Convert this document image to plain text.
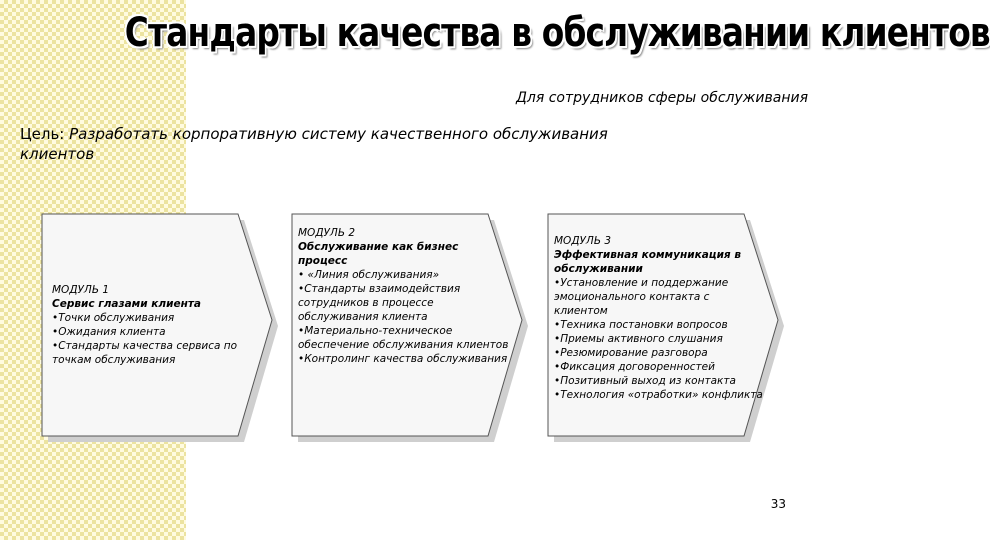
Стандарты качества в обслуживании клиентов
Для сотрудников сферы обслуживания
Цель: Разработать корпоративную систему качественного обслуживания клиентов
МОДУЛЬ 1
Сервис глазами клиента
•Точки обслуживания
•Ожидания клиента
•Стандарты качества сервиса по точкам обслуживания
МОДУЛЬ 2
Обслуживание как бизнес процесс
• «Линия обслуживания»
•Стандарты взаимодействия сотрудников в процессе обслуживания клиента
•Материально-техническое обеспечение обслуживания клиентов
•Контролинг качества обслуживания
МОДУЛЬ 3
Эффективная коммуникация в обслуживании
•Установление и поддержание эмоционального контакта с клиентом
•Техника постановки вопросов
•Приемы активного слушания
•Резюмирование разговора
•Фиксация договоренностей
•Позитивный выход из контакта
•Технология «отработки» конфликта
33
